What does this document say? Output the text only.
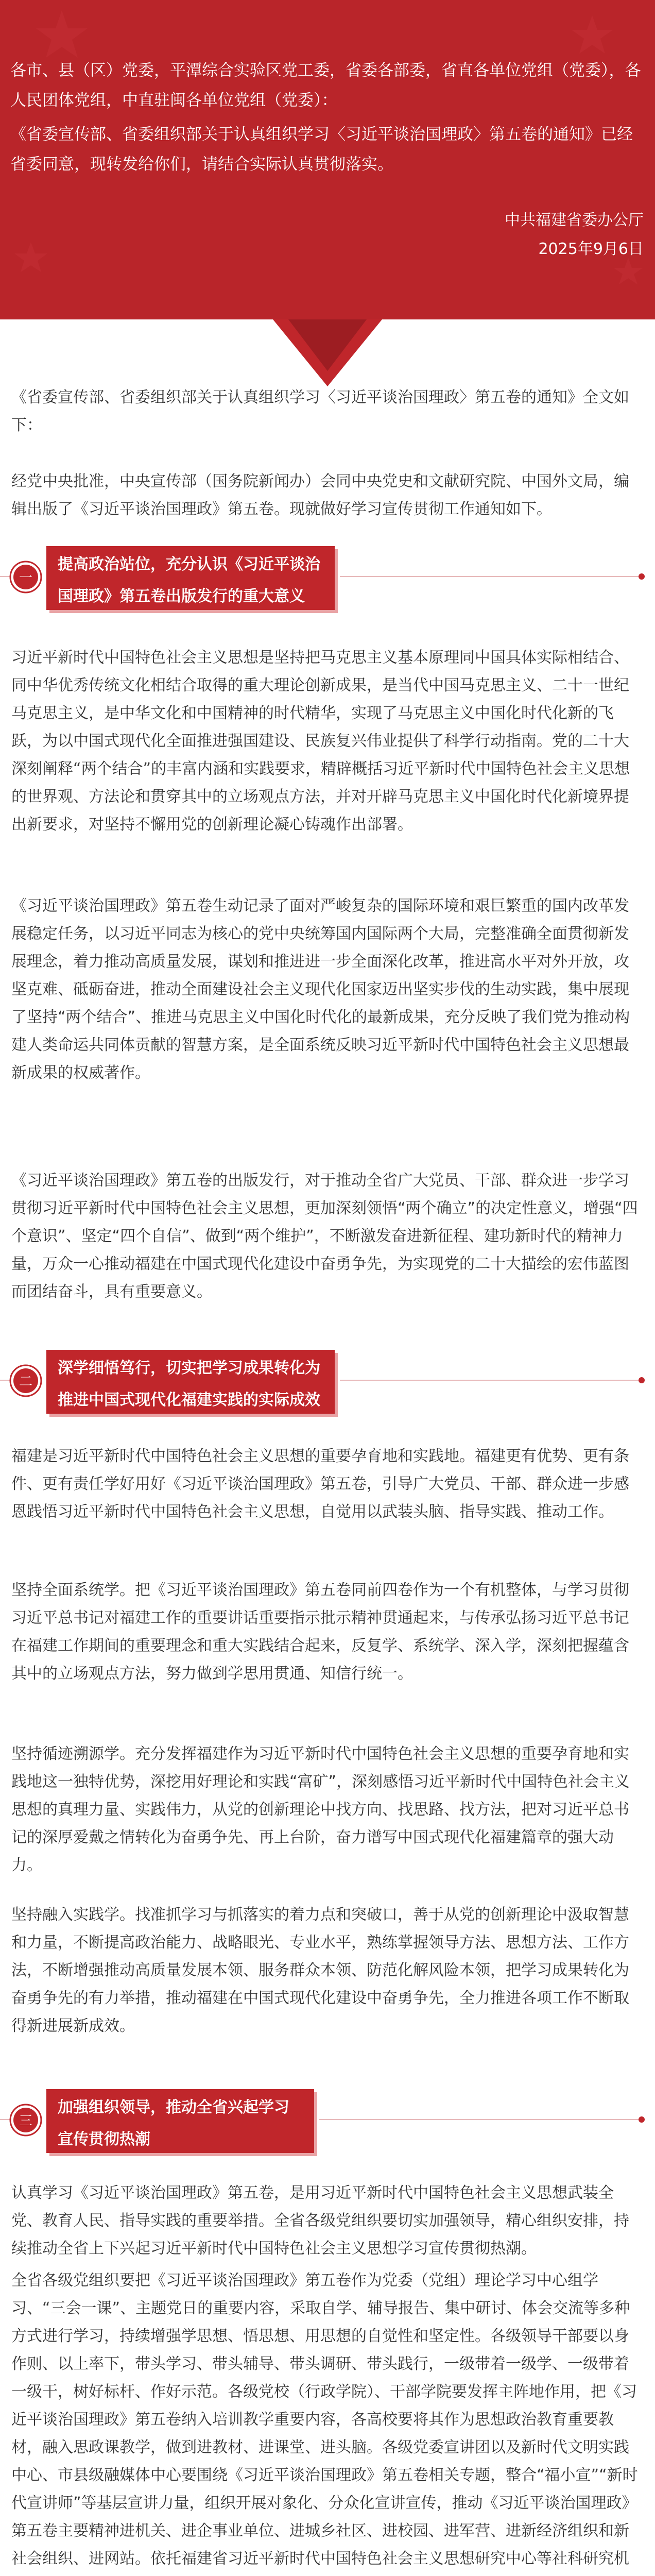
各市、县（区）党委，平潭综合实验区党工委，省委各部委，省直各单位党组（党委），各人民团体党组，中直驻闽各单位党组（党委）：

《省委宣传部、省委组织部关于认真组织学习〈习近平谈治国理政〉第五卷的通知》已经省委同意，现转发给你们，请结合实际认真贯彻落实。

中共福建省委办公厅
2025年9月6日

《省委宣传部、省委组织部关于认真组织学习〈习近平谈治国理政〉第五卷的通知》全文如下：

经党中央批准，中央宣传部（国务院新闻办）会同中央党史和文献研究院、中国外文局，编辑出版了《习近平谈治国理政》第五卷。现就做好学习宣传贯彻工作通知如下。

一
提高政治站位，充分认识《习近平谈治
国理政》第五卷出版发行的重大意义

习近平新时代中国特色社会主义思想是坚持把马克思主义基本原理同中国具体实际相结合、同中华优秀传统文化相结合取得的重大理论创新成果，是当代中国马克思主义、二十一世纪马克思主义，是中华文化和中国精神的时代精华，实现了马克思主义中国化时代化新的飞跃，为以中国式现代化全面推进强国建设、民族复兴伟业提供了科学行动指南。党的二十大深刻阐释“两个结合”的丰富内涵和实践要求，精辟概括习近平新时代中国特色社会主义思想的世界观、方法论和贯穿其中的立场观点方法，并对开辟马克思主义中国化时代化新境界提出新要求，对坚持不懈用党的创新理论凝心铸魂作出部署。

《习近平谈治国理政》第五卷生动记录了面对严峻复杂的国际环境和艰巨繁重的国内改革发展稳定任务，以习近平同志为核心的党中央统筹国内国际两个大局，完整准确全面贯彻新发展理念，着力推动高质量发展，谋划和推进进一步全面深化改革，推进高水平对外开放，攻坚克难、砥砺奋进，推动全面建设社会主义现代化国家迈出坚实步伐的生动实践，集中展现了坚持“两个结合”、推进马克思主义中国化时代化的最新成果，充分反映了我们党为推动构建人类命运共同体贡献的智慧方案，是全面系统反映习近平新时代中国特色社会主义思想最新成果的权威著作。

《习近平谈治国理政》第五卷的出版发行，对于推动全省广大党员、干部、群众进一步学习贯彻习近平新时代中国特色社会主义思想，更加深刻领悟“两个确立”的决定性意义，增强“四个意识”、坚定“四个自信”、做到“两个维护”，不断激发奋进新征程、建功新时代的精神力量，万众一心推动福建在中国式现代化建设中奋勇争先，为实现党的二十大描绘的宏伟蓝图而团结奋斗，具有重要意义。

二
深学细悟笃行，切实把学习成果转化为
推进中国式现代化福建实践的实际成效

福建是习近平新时代中国特色社会主义思想的重要孕育地和实践地。福建更有优势、更有条件、更有责任学好用好《习近平谈治国理政》第五卷，引导广大党员、干部、群众进一步感恩践悟习近平新时代中国特色社会主义思想，自觉用以武装头脑、指导实践、推动工作。

坚持全面系统学。把《习近平谈治国理政》第五卷同前四卷作为一个有机整体，与学习贯彻习近平总书记对福建工作的重要讲话重要指示批示精神贯通起来，与传承弘扬习近平总书记在福建工作期间的重要理念和重大实践结合起来，反复学、系统学、深入学，深刻把握蕴含其中的立场观点方法，努力做到学思用贯通、知信行统一。

坚持循迹溯源学。充分发挥福建作为习近平新时代中国特色社会主义思想的重要孕育地和实践地这一独特优势，深挖用好理论和实践“富矿”，深刻感悟习近平新时代中国特色社会主义思想的真理力量、实践伟力，从党的创新理论中找方向、找思路、找方法，把对习近平总书记的深厚爱戴之情转化为奋勇争先、再上台阶，奋力谱写中国式现代化福建篇章的强大动力。

坚持融入实践学。找准抓学习与抓落实的着力点和突破口，善于从党的创新理论中汲取智慧和力量，不断提高政治能力、战略眼光、专业水平，熟练掌握领导方法、思想方法、工作方法，不断增强推动高质量发展本领、服务群众本领、防范化解风险本领，把学习成果转化为奋勇争先的有力举措，推动福建在中国式现代化建设中奋勇争先，全力推进各项工作不断取得新进展新成效。

三
加强组织领导，推动全省兴起学习
宣传贯彻热潮

认真学习《习近平谈治国理政》第五卷，是用习近平新时代中国特色社会主义思想武装全党、教育人民、指导实践的重要举措。全省各级党组织要切实加强领导，精心组织安排，持续推动全省上下兴起习近平新时代中国特色社会主义思想学习宣传贯彻热潮。

全省各级党组织要把《习近平谈治国理政》第五卷作为党委（党组）理论学习中心组学习、“三会一课”、主题党日的重要内容，采取自学、辅导报告、集中研讨、体会交流等多种方式进行学习，持续增强学思想、悟思想、用思想的自觉性和坚定性。各级领导干部要以身作则、以上率下，带头学习、带头辅导、带头调研、带头践行，一级带着一级学、一级带着一级干，树好标杆、作好示范。各级党校（行政学院）、干部学院要发挥主阵地作用，把《习近平谈治国理政》第五卷纳入培训教学重要内容，各高校要将其作为思想政治教育重要教材，融入思政课教学，做到进教材、进课堂、进头脑。各级党委宣讲团以及新时代文明实践中心、市县级融媒体中心要围绕《习近平谈治国理政》第五卷相关专题，整合“福小宣”“新时代宣讲师”等基层宣讲力量，组织开展对象化、分众化宣讲宣传，推动《习近平谈治国理政》第五卷主要精神进机关、进企事业单位、进城乡社区、进校园、进军营、进新经济组织和新社会组织、进网站。依托福建省习近平新时代中国特色社会主义思想研究中心等社科研究机
